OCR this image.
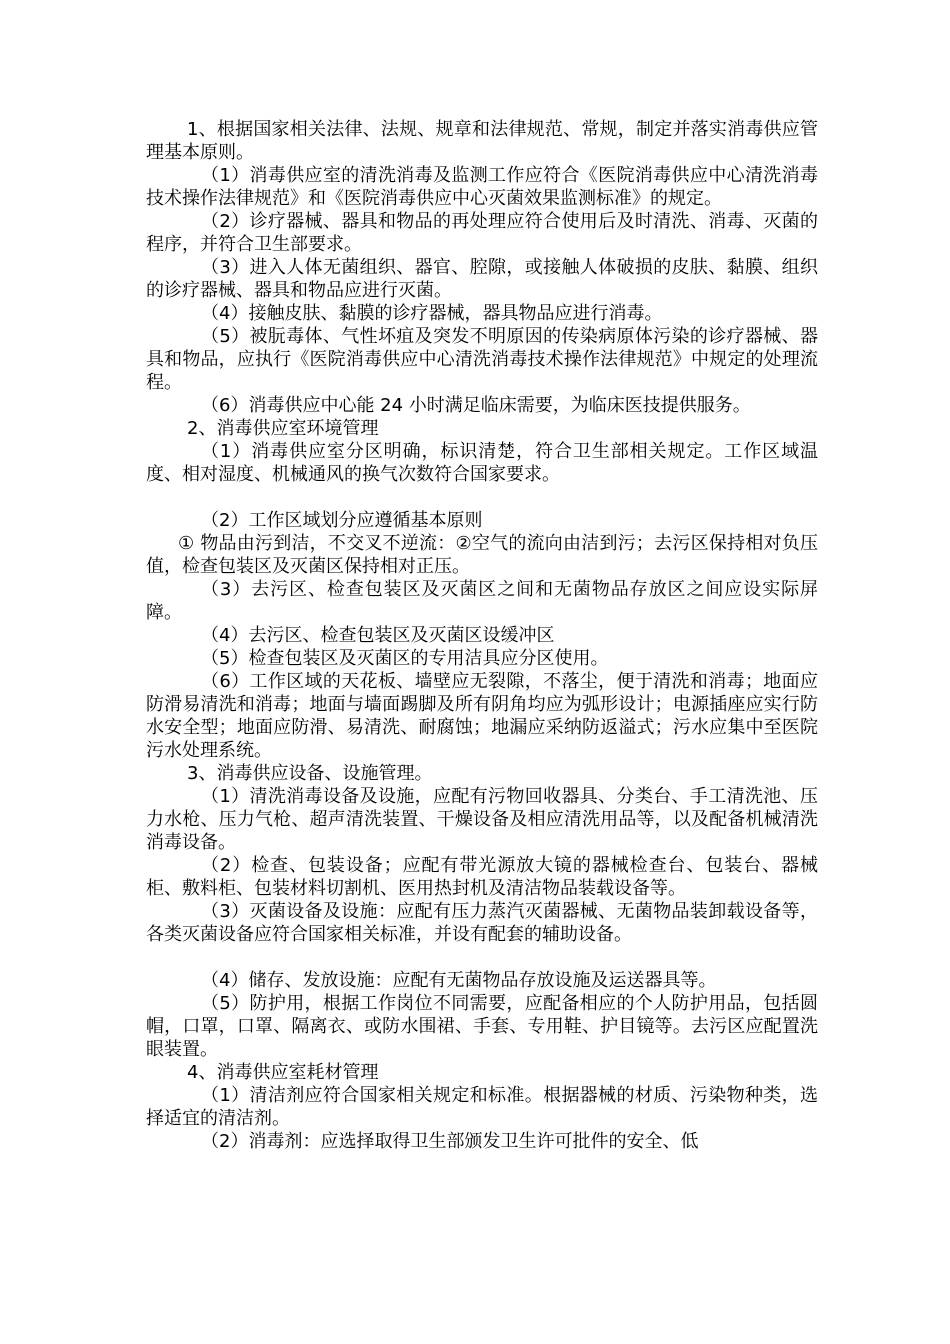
1、根据国家相关法律、法规、规章和法律规范、常规，制定并落实消毒供应管理基本原则。

（1）消毒供应室的清洗消毒及监测工作应符合《医院消毒供应中心清洗消毒技术操作法律规范》和《医院消毒供应中心灭菌效果监测标准》的规定。

（2）诊疗器械、器具和物品的再处理应符合使用后及时清洗、消毒、灭菌的程序，并符合卫生部要求。

（3）进入人体无菌组织、器官、腔隙，或接触人体破损的皮肤、黏膜、组织的诊疗器械、器具和物品应进行灭菌。

（4）接触皮肤、黏膜的诊疗器械，器具物品应进行消毒。

（5）被朊毒体、气性坏疽及突发不明原因的传染病原体污染的诊疗器械、器具和物品，应执行《医院消毒供应中心清洗消毒技术操作法律规范》中规定的处理流程。

（6）消毒供应中心能 24 小时满足临床需要，为临床医技提供服务。

2、消毒供应室环境管理

（1）消毒供应室分区明确，标识清楚，符合卫生部相关规定。工作区域温度、相对湿度、机械通风的换气次数符合国家要求。

（2）工作区域划分应遵循基本原则

① 物品由污到洁，不交叉不逆流：②空气的流向由洁到污；去污区保持相对负压值，检查包装区及灭菌区保持相对正压。

（3）去污区、检查包装区及灭菌区之间和无菌物品存放区之间应设实际屏障。

（4）去污区、检查包装区及灭菌区设缓冲区

（5）检查包装区及灭菌区的专用洁具应分区使用。

（6）工作区域的天花板、墙壁应无裂隙，不落尘，便于清洗和消毒；地面应防滑易清洗和消毒；地面与墙面踢脚及所有阴角均应为弧形设计；电源插座应实行防水安全型；地面应防滑、易清洗、耐腐蚀；地漏应采纳防返溢式；污水应集中至医院污水处理系统。

3、消毒供应设备、设施管理。

（1）清洗消毒设备及设施，应配有污物回收器具、分类台、手工清洗池、压力水枪、压力气枪、超声清洗装置、干燥设备及相应清洗用品等，以及配备机械清洗消毒设备。

（2）检查、包装设备；应配有带光源放大镜的器械检查台、包装台、器械柜、敷料柜、包装材料切割机、医用热封机及清洁物品装载设备等。

（3）灭菌设备及设施：应配有压力蒸汽灭菌器械、无菌物品装卸载设备等，各类灭菌设备应符合国家相关标准，并设有配套的辅助设备。

（4）储存、发放设施：应配有无菌物品存放设施及运送器具等。

（5）防护用，根据工作岗位不同需要，应配备相应的个人防护用品，包括圆帽，口罩，口罩、隔离衣、或防水围裙、手套、专用鞋、护目镜等。去污区应配置洗眼装置。

4、消毒供应室耗材管理

（1）清洁剂应符合国家相关规定和标准。根据器械的材质、污染物种类，选择适宜的清洁剂。

（2）消毒剂：应选择取得卫生部颁发卫生许可批件的安全、低
